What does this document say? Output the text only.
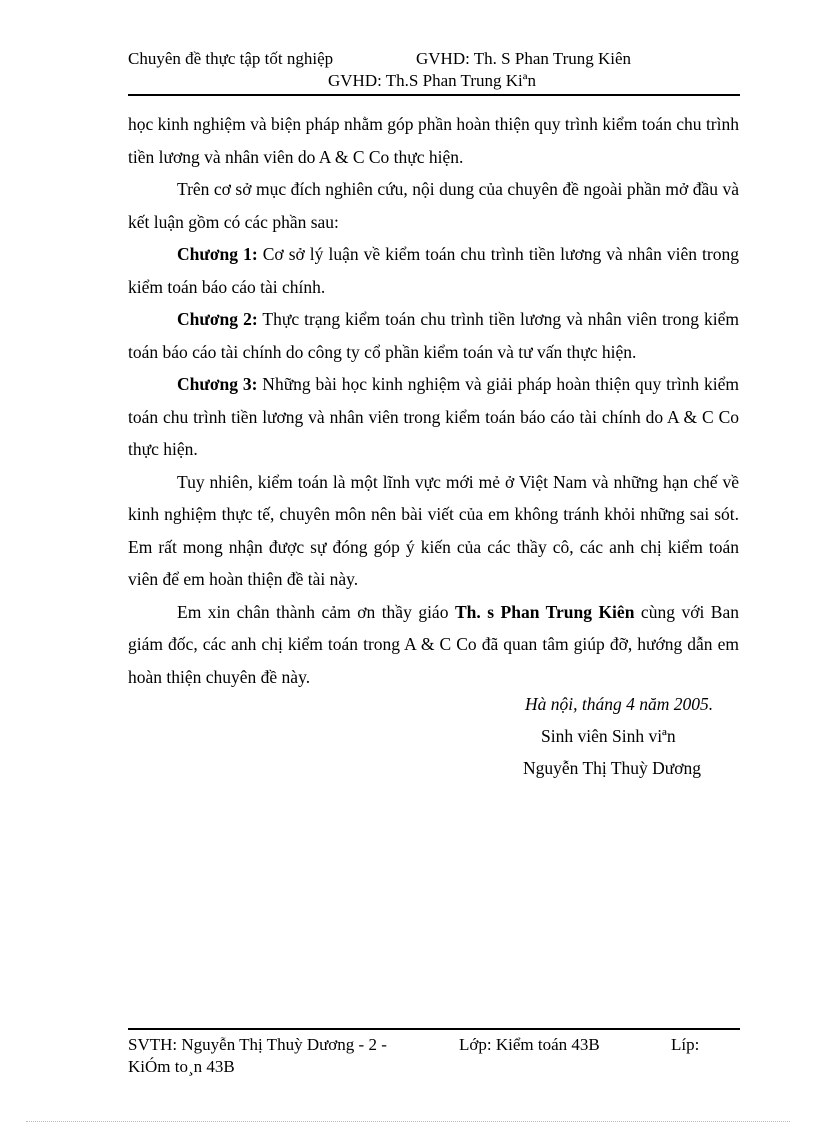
Chuyên đề thực tập tốt nghiệp	GVHD: Th. S Phan Trung Kiên
GVHD: Th.S Phan Trung Kiªn

học kinh nghiệm và biện pháp nhằm góp phần hoàn thiện quy trình kiểm toán chu trình tiền lương và nhân viên do A & C Co thực hiện.

Trên cơ sở mục đích nghiên cứu, nội dung của chuyên đề ngoài phần mở đầu và kết luận gồm có các phần sau:

Chương 1: Cơ sở lý luận về kiểm toán chu trình tiền lương và nhân viên trong kiểm toán báo cáo tài chính.

Chương 2: Thực trạng kiểm toán chu trình tiền lương và nhân viên trong kiểm toán báo cáo tài chính do công ty cổ phần kiểm toán và tư vấn thực hiện.

Chương 3: Những bài học kinh nghiệm và giải pháp hoàn thiện quy trình kiểm toán chu trình tiền lương và nhân viên trong kiểm toán báo cáo tài chính do A & C Co thực hiện.

Tuy nhiên, kiểm toán là một lĩnh vực mới mẻ ở Việt Nam và những hạn chế về kinh nghiệm thực tế, chuyên môn nên bài viết của em không tránh khỏi những sai sót. Em rất mong nhận được sự đóng góp ý kiến của các thầy cô, các anh chị kiểm toán viên để em hoàn thiện đề tài này.

Em xin chân thành cảm ơn thầy giáo Th. s Phan Trung Kiên cùng với Ban giám đốc, các anh chị kiểm toán trong A & C Co đã quan tâm giúp đỡ, hướng dẫn em hoàn thiện chuyên đề này.

Hà nội, tháng 4 năm 2005.
Sinh viên Sinh viªn
Nguyễn Thị Thuỳ Dương
SVTH: Nguyễn Thị Thuỳ Dương - 2 -	Lớp: Kiểm toán 43B	Líp:
KiÓm to¸n 43B
